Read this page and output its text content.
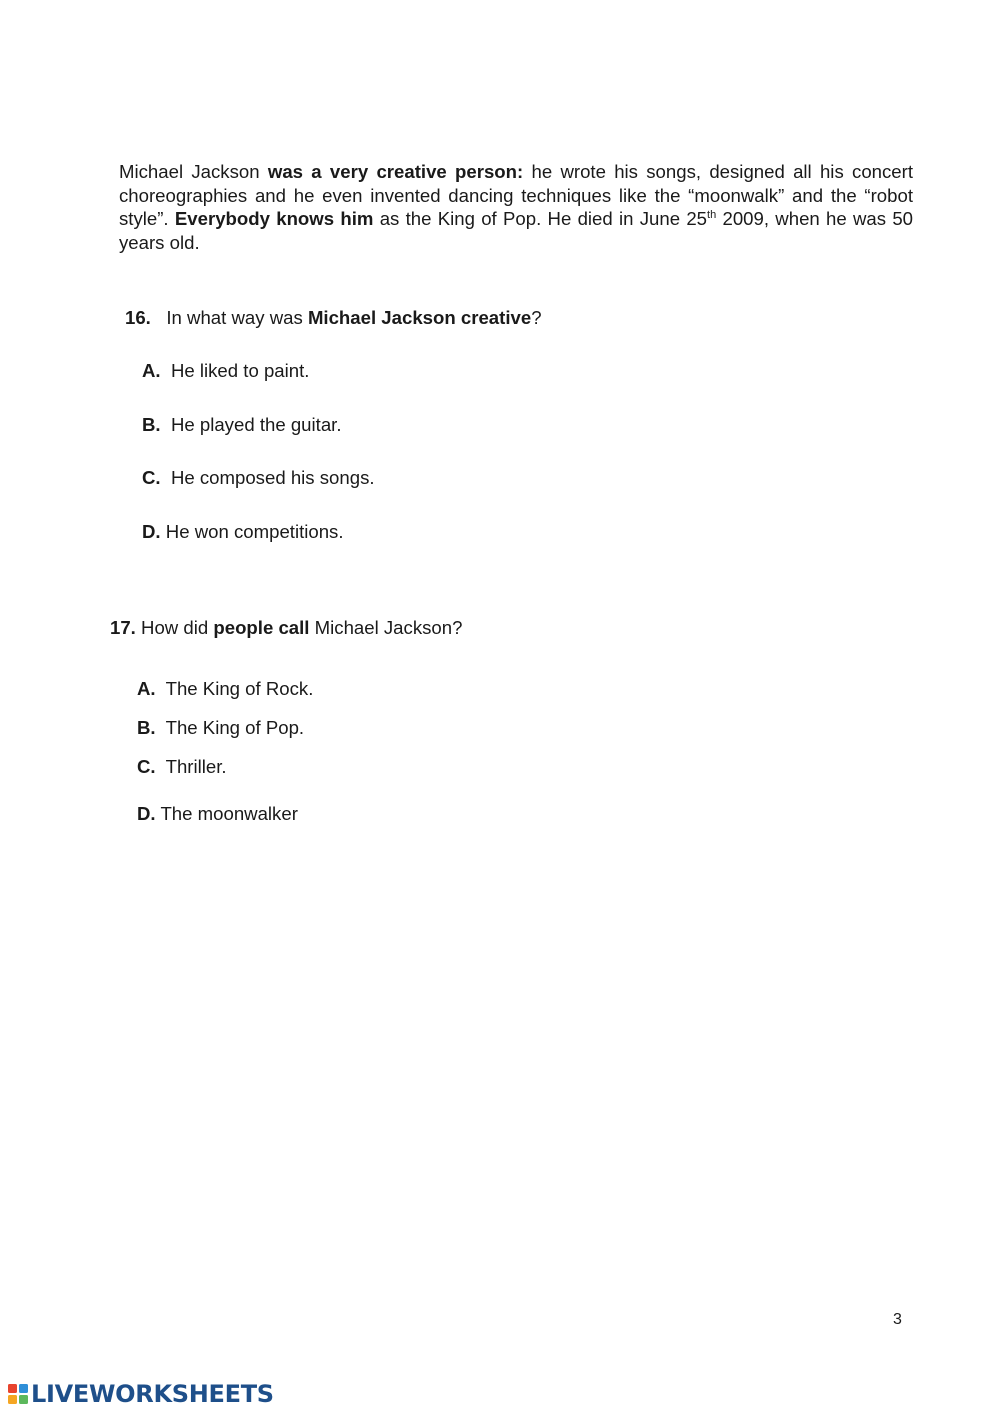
Michael Jackson was a very creative person: he wrote his songs, designed all his concert choreographies and he even invented dancing techniques like the “moonwalk” and the “robot style”. Everybody knows him as the King of Pop. He died in June 25th 2009, when he was 50 years old.

16. In what way was Michael Jackson creative?

A. He liked to paint.
B. He played the guitar.
C. He composed his songs.
D. He won competitions.

17. How did people call Michael Jackson?

A. The King of Rock.
B. The King of Pop.
C. Thriller.
D. The moonwalker
3
LIVEWORKSHEETS
